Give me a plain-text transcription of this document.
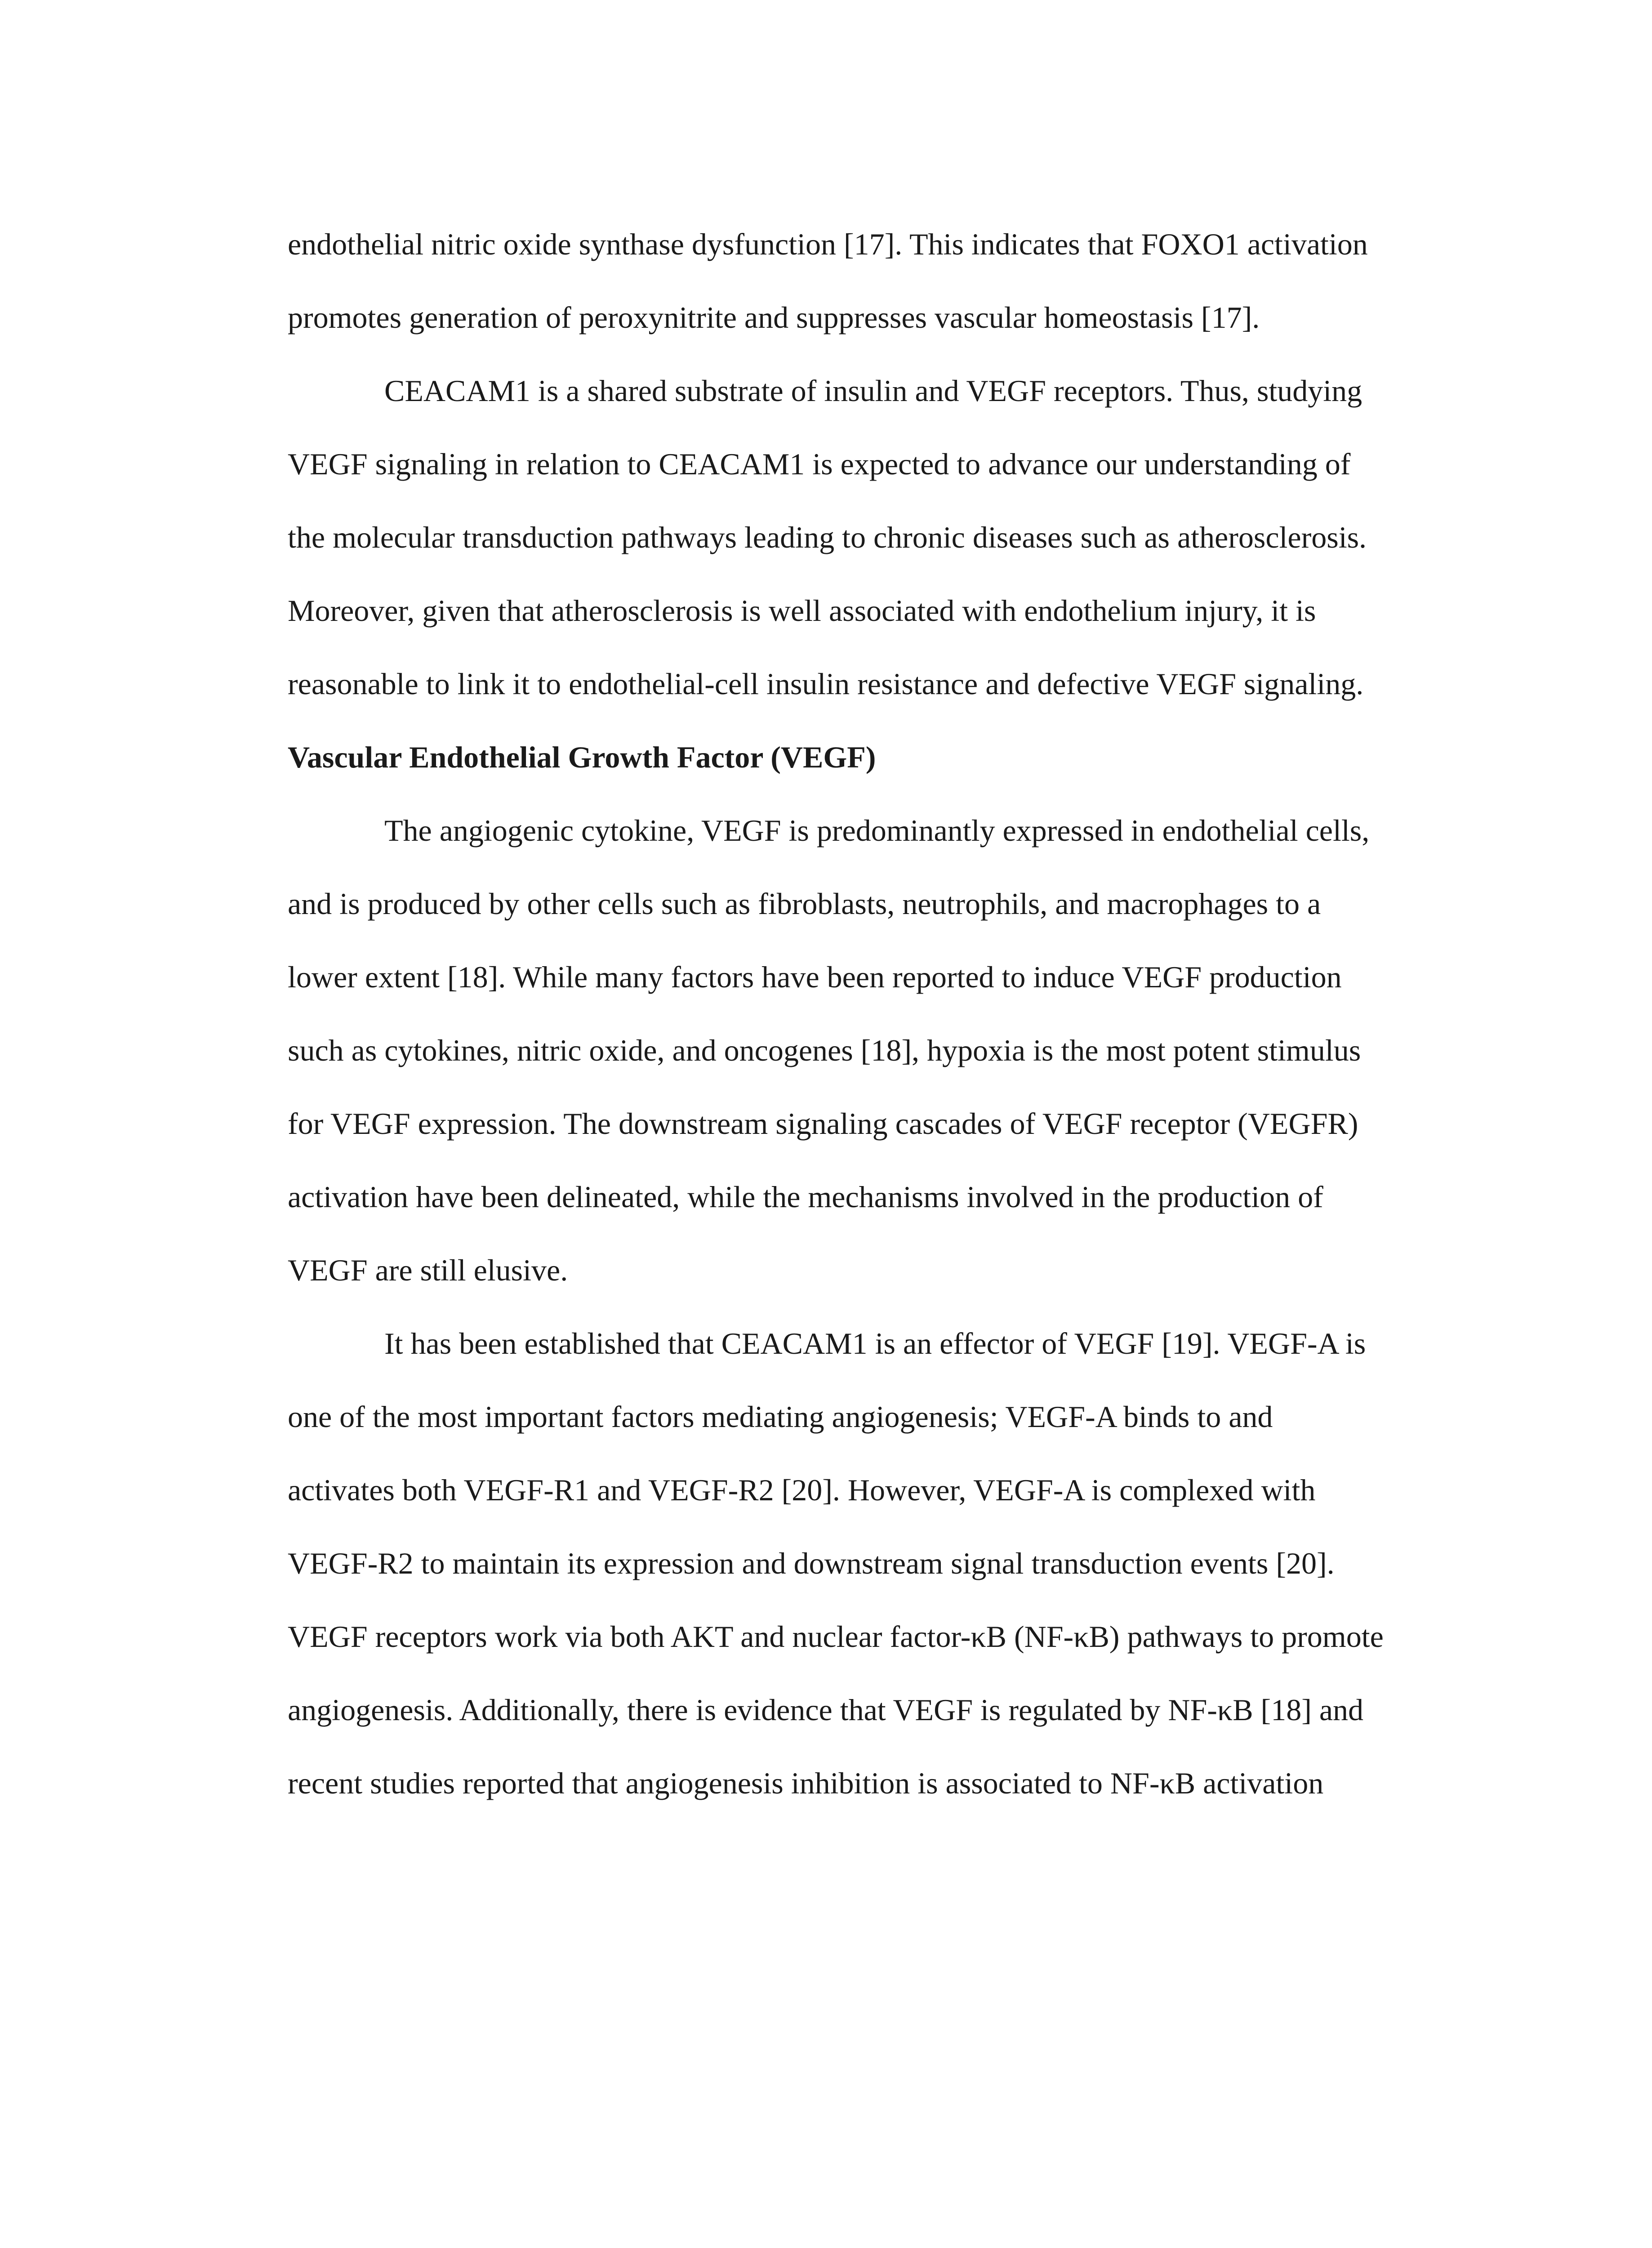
endothelial nitric oxide synthase dysfunction [17]. This indicates that FOXO1 activation
promotes generation of peroxynitrite and suppresses vascular homeostasis [17].
CEACAM1 is a shared substrate of insulin and VEGF receptors. Thus, studying
VEGF signaling in relation to CEACAM1 is expected to advance our understanding of
the molecular transduction pathways leading to chronic diseases such as atherosclerosis.
Moreover, given that atherosclerosis is well associated with endothelium injury, it is
reasonable to link it to endothelial-cell insulin resistance and defective VEGF signaling.
Vascular Endothelial Growth Factor (VEGF)
The angiogenic cytokine, VEGF is predominantly expressed in endothelial cells,
and is produced by other cells such as fibroblasts, neutrophils, and macrophages to a
lower extent [18]. While many factors have been reported to induce VEGF production
such as cytokines, nitric oxide, and oncogenes [18], hypoxia is the most potent stimulus
for VEGF expression. The downstream signaling cascades of VEGF receptor (VEGFR)
activation have been delineated, while the mechanisms involved in the production of
VEGF are still elusive.
It has been established that CEACAM1 is an effector of VEGF [19]. VEGF-A is
one of the most important factors mediating angiogenesis; VEGF-A binds to and
activates both VEGF-R1 and VEGF-R2 [20]. However, VEGF-A is complexed with
VEGF-R2 to maintain its expression and downstream signal transduction events [20].
VEGF receptors work via both AKT and nuclear factor-κB (NF-κB) pathways to promote
angiogenesis. Additionally, there is evidence that VEGF is regulated by NF-κB [18] and
recent studies reported that angiogenesis inhibition is associated to NF-κB activation
